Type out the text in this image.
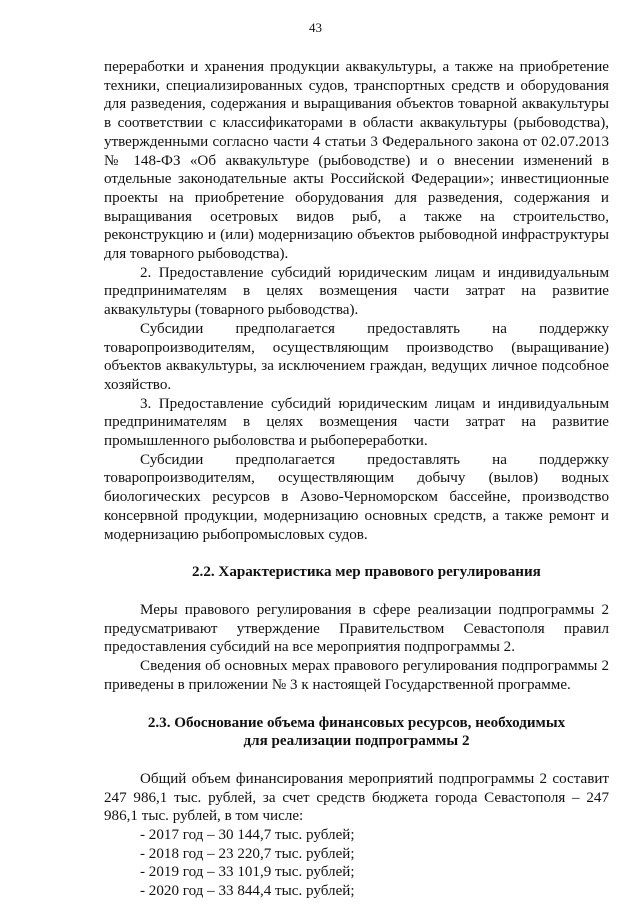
43

переработки и хранения продукции аквакультуры, а также на приобретение техники, специализированных судов, транспортных средств и оборудования для разведения, содержания и выращивания объектов товарной аквакультуры в соответствии с классификаторами в области аквакультуры (рыбоводства), утвержденными согласно части 4 статьи 3 Федерального закона от 02.07.2013 № 148-ФЗ «Об аквакультуре (рыбоводстве) и о внесении изменений в отдельные законодательные акты Российской Федерации»; инвестиционные проекты на приобретение оборудования для разведения, содержания и выращивания осетровых видов рыб, а также на строительство, реконструкцию и (или) модернизацию объектов рыбоводной инфраструктуры для товарного рыбоводства).

2. Предоставление субсидий юридическим лицам и индивидуальным предпринимателям в целях возмещения части затрат на развитие аквакультуры (товарного рыбоводства).

Субсидии предполагается предоставлять на поддержку товаропроизводителям, осуществляющим производство (выращивание) объектов аквакультуры, за исключением граждан, ведущих личное подсобное хозяйство.

3. Предоставление субсидий юридическим лицам и индивидуальным предпринимателям в целях возмещения части затрат на развитие промышленного рыболовства и рыбопереработки.

Субсидии предполагается предоставлять на поддержку товаропроизводителям, осуществляющим добычу (вылов) водных биологических ресурсов в Азово-Черноморском бассейне, производство консервной продукции, модернизацию основных средств, а также ремонт и модернизацию рыбопромысловых судов.

2.2. Характеристика мер правового регулирования

Меры правового регулирования в сфере реализации подпрограммы 2 предусматривают утверждение Правительством Севастополя правил предоставления субсидий на все мероприятия подпрограммы 2.

Сведения об основных мерах правового регулирования подпрограммы 2 приведены в приложении № 3 к настоящей Государственной программе.

2.3. Обоснование объема финансовых ресурсов, необходимых
для реализации подпрограммы 2

Общий объем финансирования мероприятий подпрограммы 2 составит 247 986,1 тыс. рублей, за счет средств бюджета города Севастополя – 247 986,1 тыс. рублей, в том числе:

- 2017 год – 30 144,7 тыс. рублей;
- 2018 год – 23 220,7 тыс. рублей;
- 2019 год – 33 101,9 тыс. рублей;
- 2020 год – 33 844,4 тыс. рублей;
